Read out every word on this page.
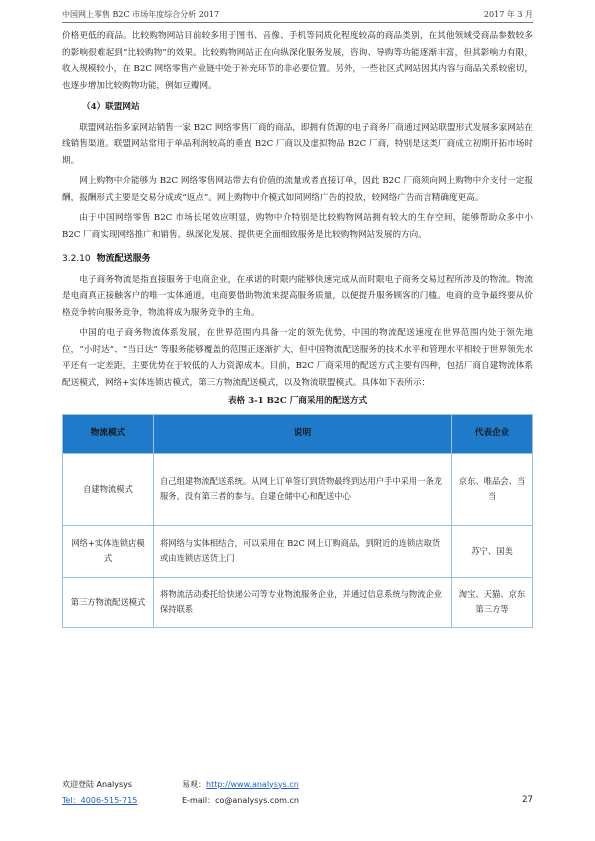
中国网上零售 B2C 市场年度综合分析 2017	2017 年 3 月

价格更低的商品。比较购物网站目前较多用于图书、音像、手机等同质化程度较高的商品类别，在其他领域受商品参数较多的影响很难起到“比较购物”的效果。比较购物网站正在向纵深化服务发展，咨询、导购等功能逐渐丰富，但其影响力有限，收入规模较小，在 B2C 网络零售产业链中处于补充环节的非必要位置。另外，一些社区式网站因其内容与商品关系较密切，也逐步增加比较购物功能，例如豆瓣网。

（4）联盟网站

联盟网站指多家网站销售一家 B2C 网络零售厂商的商品，即拥有货源的电子商务厂商通过网站联盟形式发展多家网站在线销售渠道。联盟网站常用于单品利润较高的垂直 B2C 厂商以及虚拟物品 B2C 厂商，特别是这类厂商成立初期开拓市场时期。

网上购物中介能够为 B2C 网络零售网站带去有价值的流量或者直接订单，因此 B2C 厂商须向网上购物中介支付一定报酬，报酬形式主要是交易分成或“返点”。网上购物中介模式如同网络广告的投放，较网络广告而言精确度更高。

由于中国网络零售 B2C 市场长尾效应明显，购物中介特别是比较购物网站拥有较大的生存空间，能够帮助众多中小 B2C 厂商实现网络推广和销售。纵深化发展、提供更全面细致服务是比较购物网站发展的方向。

3.2.10 物流配送服务

电子商务物流是指直接服务于电商企业，在承诺的时限内能够快速完成从而时限电子商务交易过程所涉及的物流。物流是电商真正接触客户的唯一实体通道，电商要借助物流来提高服务质量，以便提升服务顾客的门槛。电商的竞争最终要从价格竞争转向服务竞争，物流将成为服务竞争的主角。

中国的电子商务物流体系发展，在世界范围内具备一定的领先优势，中国的物流配送速度在世界范围内处于领先地位，“小时达”、“当日达” 等服务能够覆盖的范围正逐渐扩大，但中国物流配送服务的技术水平和管理水平相较于世界领先水平还有一定差距，主要优势在于较低的人力资源成本。目前，B2C 厂商采用的配送方式主要有四种，包括厂商自建物流体系配送模式，网络+实体连锁店模式，第三方物流配送模式，以及物流联盟模式。具体如下表所示：

表格 3-1 B2C 厂商采用的配送方式

物流模式	说明	代表企业
自建物流模式	自己组建物流配送系统。从网上订单签订到货物最终到达用户手中采用一条龙服务，没有第三者的参与。自建仓储中心和配送中心	京东、唯品会、当当
网络+实体连锁店模式	将网络与实体相结合，可以采用在 B2C 网上订购商品，到附近的连锁店取货或由连锁店送货上门	苏宁、国美
第三方物流配送模式	将物流活动委托给快递公司等专业物流服务企业，并通过信息系统与物流企业保持联系	淘宝、天猫、京东第三方等
欢迎登陆 Analysys	易观：http://www.analysys.cn
Tel：4006-515-715	E-mail：co@analysys.com.cn	27
